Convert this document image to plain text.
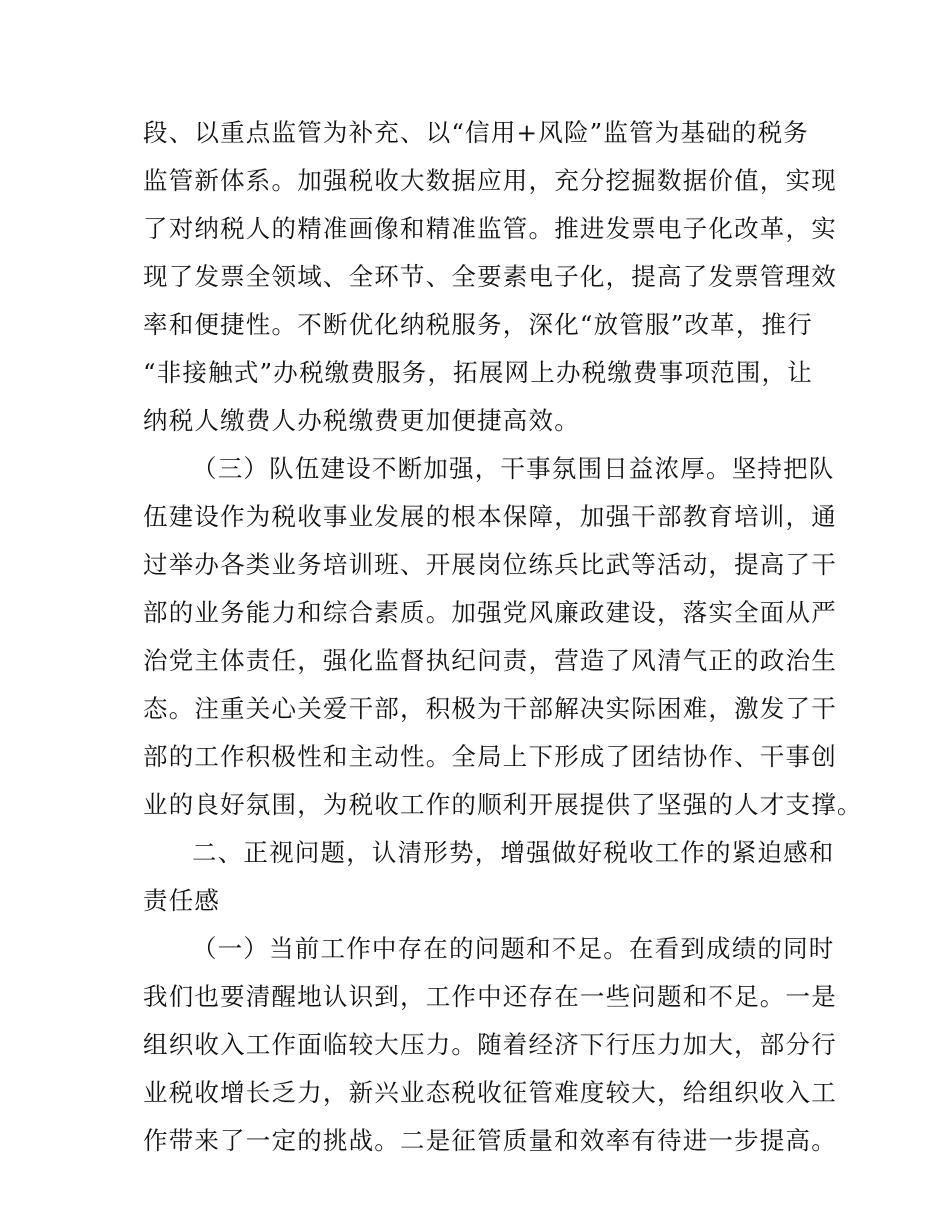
段、以重点监管为补充、以“信用+风险”监管为基础的税务
监管新体系。加强税收大数据应用，充分挖掘数据价值，实现
了对纳税人的精准画像和精准监管。推进发票电子化改革，实
现了发票全领域、全环节、全要素电子化，提高了发票管理效
率和便捷性。不断优化纳税服务，深化“放管服”改革，推行
“非接触式”办税缴费服务，拓展网上办税缴费事项范围，让
纳税人缴费人办税缴费更加便捷高效。
（三）队伍建设不断加强，干事氛围日益浓厚。坚持把队
伍建设作为税收事业发展的根本保障，加强干部教育培训，通
过举办各类业务培训班、开展岗位练兵比武等活动，提高了干
部的业务能力和综合素质。加强党风廉政建设，落实全面从严
治党主体责任，强化监督执纪问责，营造了风清气正的政治生
态。注重关心关爱干部，积极为干部解决实际困难，激发了干
部的工作积极性和主动性。全局上下形成了团结协作、干事创
业的良好氛围，为税收工作的顺利开展提供了坚强的人才支撑。
二、正视问题，认清形势，增强做好税收工作的紧迫感和
责任感
（一）当前工作中存在的问题和不足。在看到成绩的同时
我们也要清醒地认识到，工作中还存在一些问题和不足。一是
组织收入工作面临较大压力。随着经济下行压力加大，部分行
业税收增长乏力，新兴业态税收征管难度较大，给组织收入工
作带来了一定的挑战。二是征管质量和效率有待进一步提高。
